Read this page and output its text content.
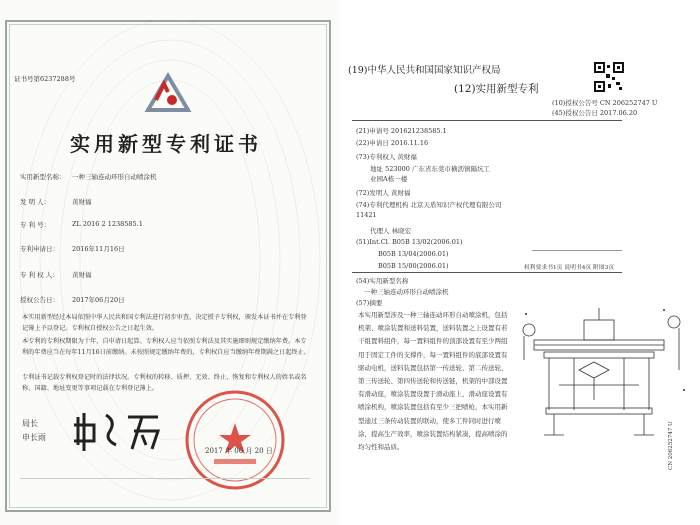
证书号第6237288号
实用新型专利证书
实用新型名称： 一种三轴连动环形自动喷涂机
发 明 人：	黄财福
专 利 号：	ZL 2016 2 1238585.1
专利申请日： 2016年11月16日
专 利 权 人： 黄财福
授权公告日： 2017年06月20日
本实用新型经过本局依照中华人民共和国专利法进行初步审查，决定授予专利权，颁发本证书并在专利登记簿上予以登记。专利权自授权公告之日起生效。
本专利的专利权期限为十年，自申请日起算。专利权人应当依照专利法及其实施细则规定缴纳年费。本专利的年费应当在每年11月16日前缴纳。未按照规定缴纳年费的，专利权自应当缴纳年费期满之日起终止。
专利证书记载专利权登记时的法律状况。专利权的转移、质押、无效、终止、恢复和专利权人的姓名或名称、国籍、地址变更等事项记载在专利登记簿上。
局长
申长雨
2017 年 06 月 20 日
(19)中华人民共和国国家知识产权局
(12)实用新型专利
(10)授权公告号 CN 206252747 U
(45)授权公告日 2017.06.20
(21)申请号 201621238585.1
(22)申请日 2016.11.16
(73)专利权人 黄财福
地址 523000 广东省东莞市横沥镇隔坑工业园A栋一楼
(72)发明人 黄财福
(74)专利代理机构 北京天盾知识产权代理有限公司 11421
代理人 林晓宏
(51)Int.Cl. B05B 13/02(2006.01)
B05B 13/04(2006.01)
B05B 15/00(2006.01)	权利要求书1页 说明书4页 附图3页
(54)实用新型名称
一种三轴连动环形自动喷涂机
(57)摘要
本实用新型涉及一种三轴连动环形自动喷涂机，包括机架、喷涂装置和送料装置，送料装置之上设置有若干组置料组件，每一置料组件的顶部设置有至少两组用于固定工件的支撑件，每一置料组件的底部设置有驱动电机，送料装置包括第一传送轮、第二传送轮、第三传送轮、第四传送轮和传送链，机架的中部设置有滑动座，喷涂装置设置于滑动座上，滑动座设置有喷涂机构，喷涂装置包括有至少三把喷枪，本实用新型通过三条传动装置的联动，使多工件同时进行喷涂，提高生产效率，喷涂装置结构紧凑，提高喷涂的均匀性和品质。	CN 206252747 U
